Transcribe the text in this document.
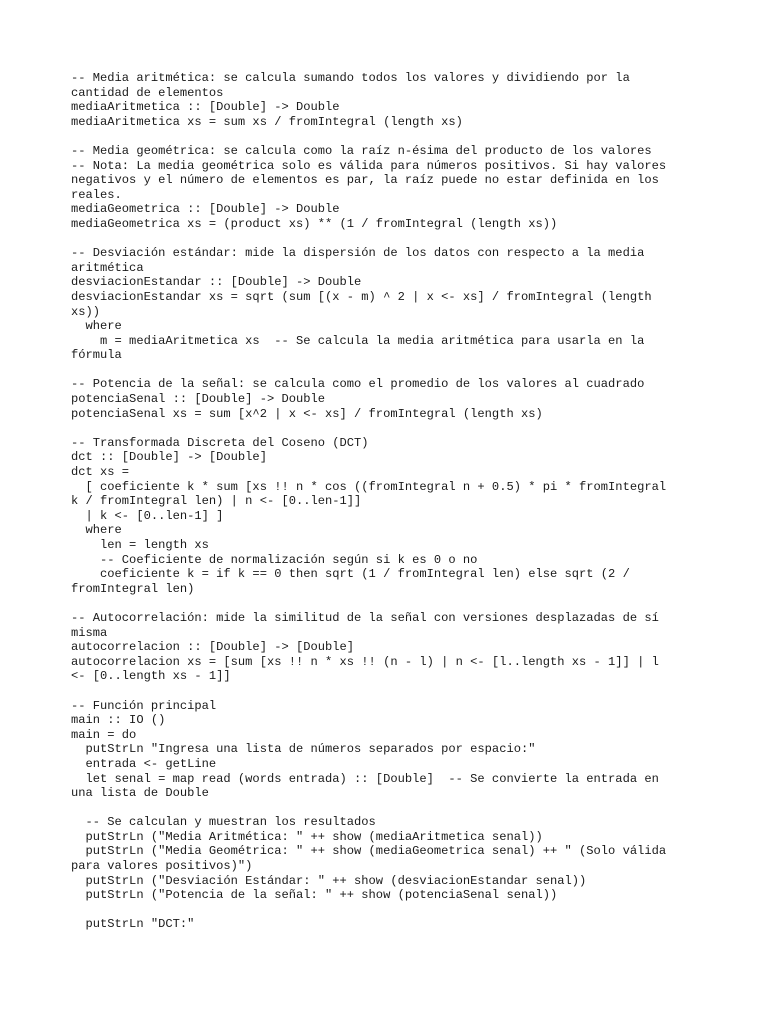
-- Media aritmética: se calcula sumando todos los valores y dividiendo por la
cantidad de elementos
mediaAritmetica :: [Double] -> Double
mediaAritmetica xs = sum xs / fromIntegral (length xs)
-- Media geométrica: se calcula como la raíz n-ésima del producto de los valores
-- Nota: La media geométrica solo es válida para números positivos. Si hay valores
negativos y el número de elementos es par, la raíz puede no estar definida en los
reales.
mediaGeometrica :: [Double] -> Double
mediaGeometrica xs = (product xs) ** (1 / fromIntegral (length xs))
-- Desviación estándar: mide la dispersión de los datos con respecto a la media
aritmética
desviacionEstandar :: [Double] -> Double
desviacionEstandar xs = sqrt (sum [(x - m) ^ 2 | x <- xs] / fromIntegral (length
xs))
where
m = mediaAritmetica xs  -- Se calcula la media aritmética para usarla en la
fórmula
-- Potencia de la señal: se calcula como el promedio de los valores al cuadrado
potenciaSenal :: [Double] -> Double
potenciaSenal xs = sum [x^2 | x <- xs] / fromIntegral (length xs)
-- Transformada Discreta del Coseno (DCT)
dct :: [Double] -> [Double]
dct xs =
[ coeficiente k * sum [xs !! n * cos ((fromIntegral n + 0.5) * pi * fromIntegral
k / fromIntegral len) | n <- [0..len-1]]
| k <- [0..len-1] ]
where
len = length xs
-- Coeficiente de normalización según si k es 0 o no
coeficiente k = if k == 0 then sqrt (1 / fromIntegral len) else sqrt (2 /
fromIntegral len)
-- Autocorrelación: mide la similitud de la señal con versiones desplazadas de sí
misma
autocorrelacion :: [Double] -> [Double]
autocorrelacion xs = [sum [xs !! n * xs !! (n - l) | n <- [l..length xs - 1]] | l
<- [0..length xs - 1]]
-- Función principal
main :: IO ()
main = do
putStrLn "Ingresa una lista de números separados por espacio:"
entrada <- getLine
let senal = map read (words entrada) :: [Double]  -- Se convierte la entrada en
una lista de Double
-- Se calculan y muestran los resultados
putStrLn ("Media Aritmética: " ++ show (mediaAritmetica senal))
putStrLn ("Media Geométrica: " ++ show (mediaGeometrica senal) ++ " (Solo válida
para valores positivos)")
putStrLn ("Desviación Estándar: " ++ show (desviacionEstandar senal))
putStrLn ("Potencia de la señal: " ++ show (potenciaSenal senal))
putStrLn "DCT:"
